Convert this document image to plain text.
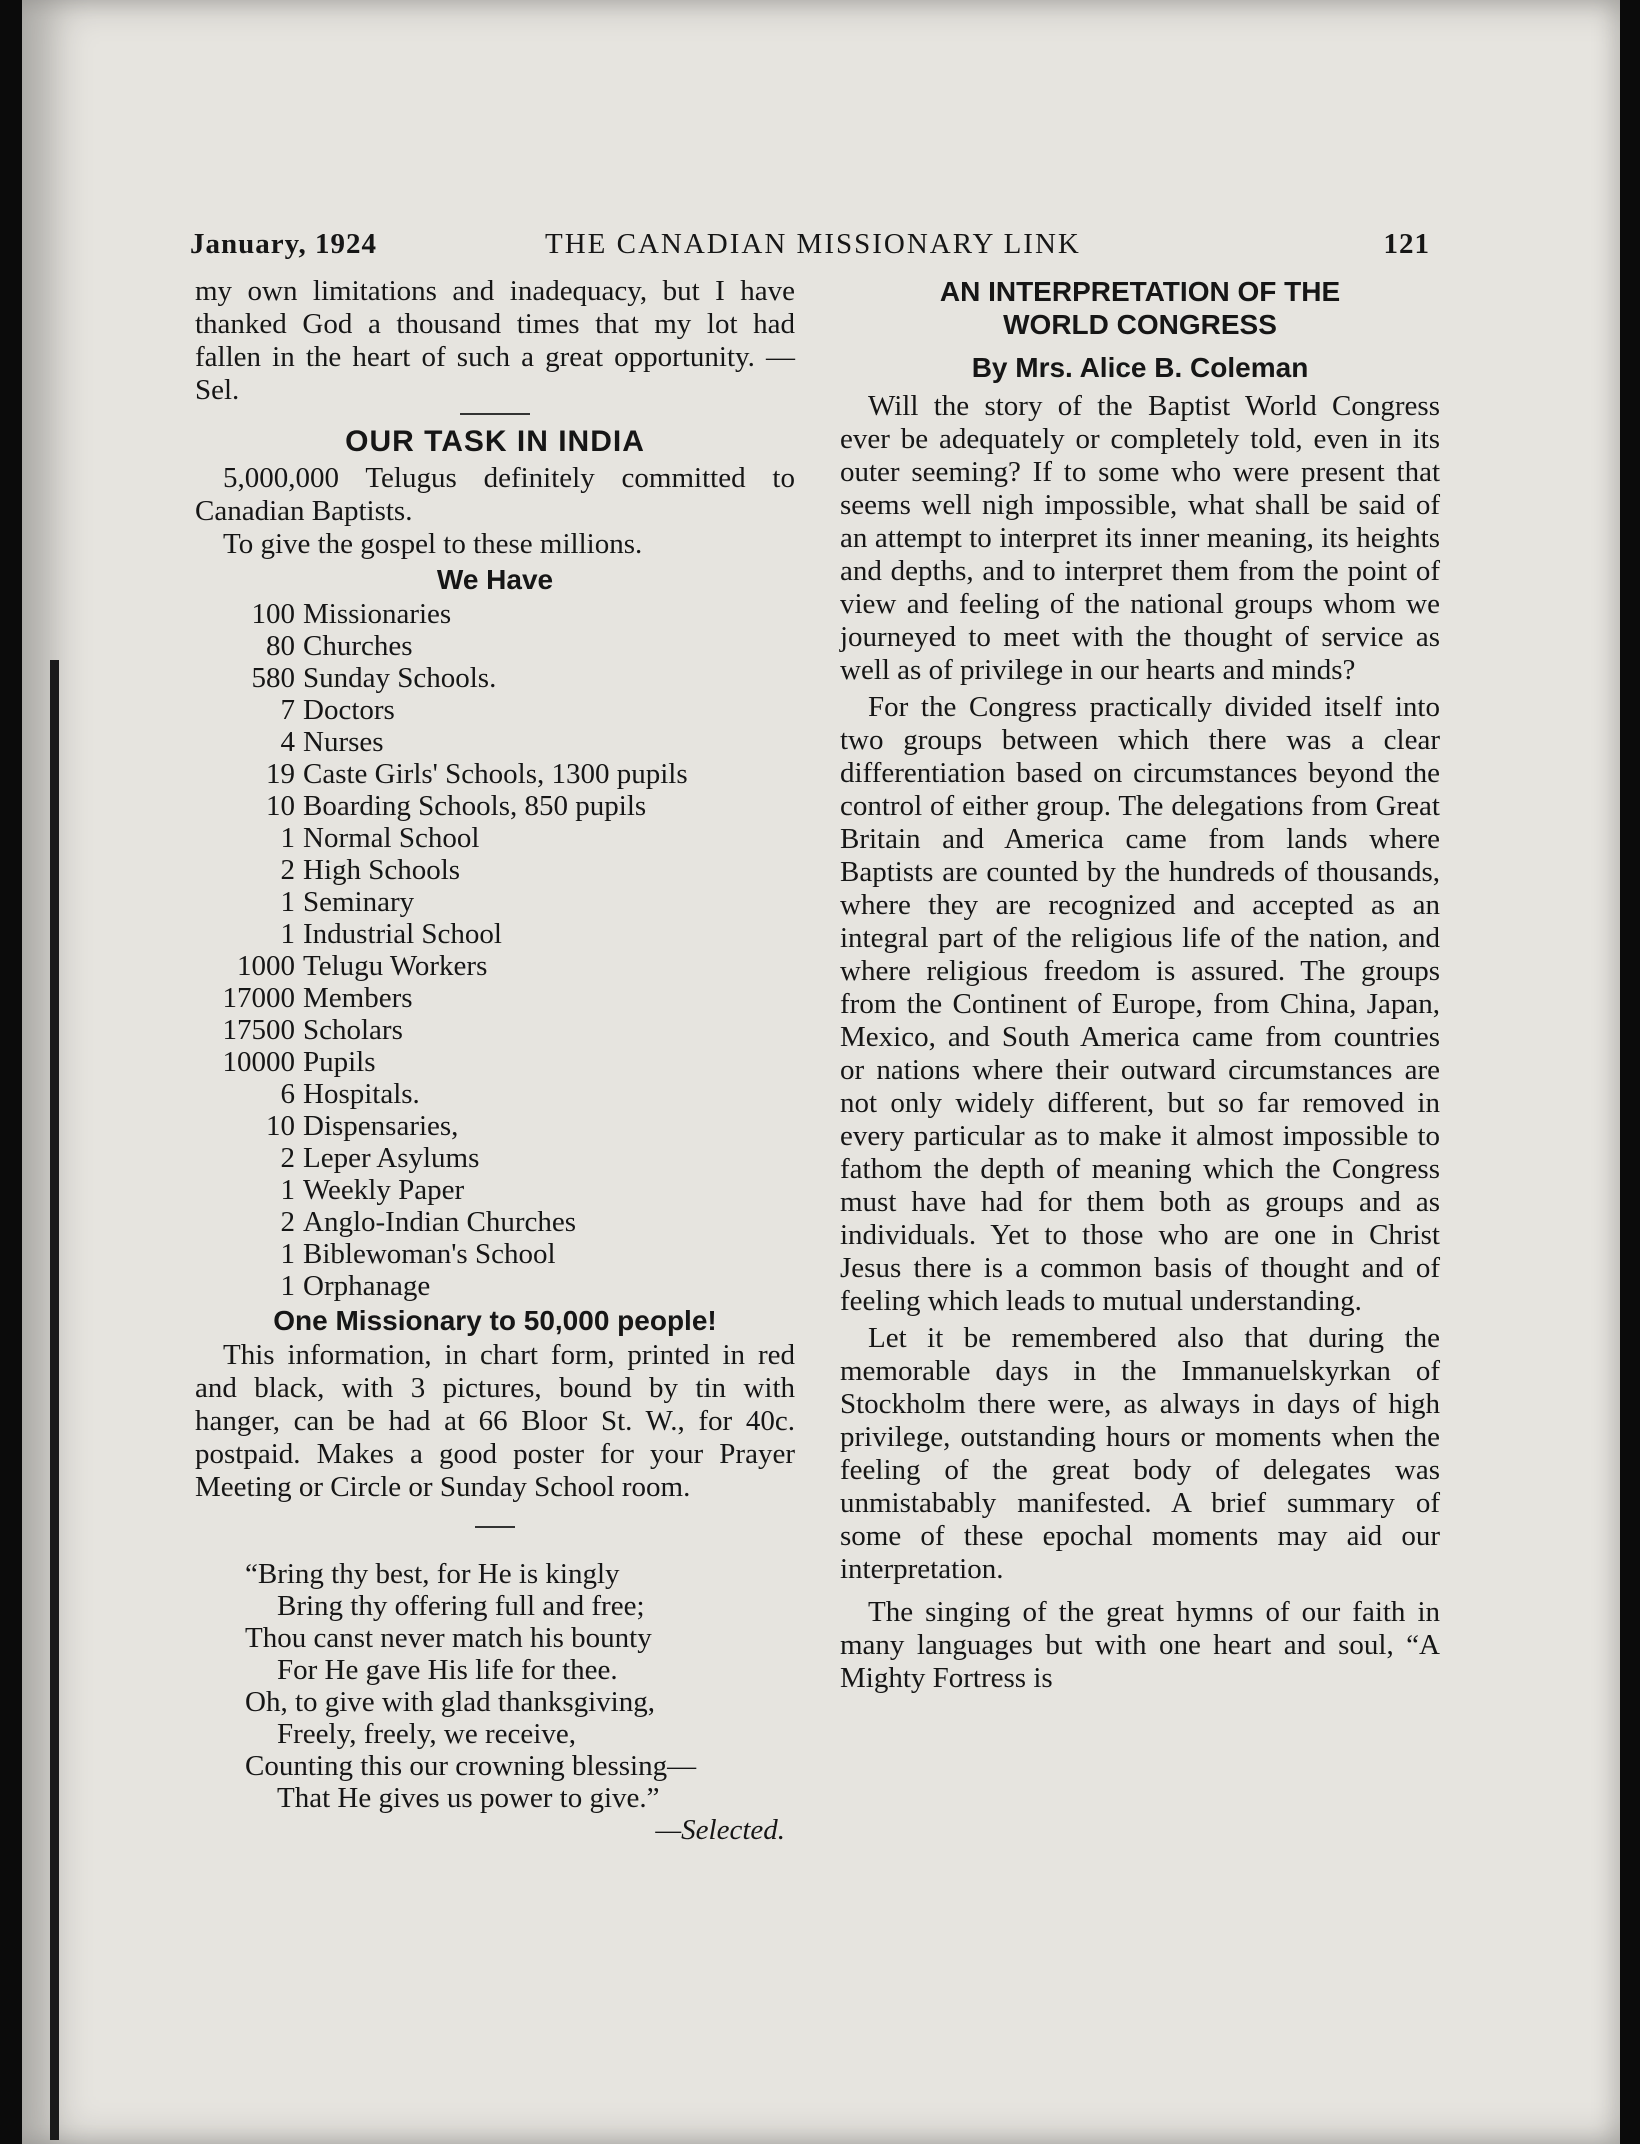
January, 1924	THE CANADIAN MISSIONARY LINK	121

my own limitations and inadequacy, but I have thanked God a thousand times that my lot had fallen in the heart of such a great opportunity. —Sel.

OUR TASK IN INDIA

5,000,000 Telugus definitely committed to Canadian Baptists.

To give the gospel to these millions.

We Have
100 Missionaries
80 Churches
580 Sunday Schools.
7 Doctors
4 Nurses
19 Caste Girls' Schools, 1300 pupils
10 Boarding Schools, 850 pupils
1 Normal School
2 High Schools
1 Seminary
1 Industrial School
1000 Telugu Workers
17000 Members
17500 Scholars
10000 Pupils
6 Hospitals.
10 Dispensaries,
2 Leper Asylums
1 Weekly Paper
2 Anglo-Indian Churches
1 Biblewoman's School
1 Orphanage
One Missionary to 50,000 people!

This information, in chart form, printed in red and black, with 3 pictures, bound by tin with hanger, can be had at 66 Bloor St. W., for 40c. postpaid. Makes a good poster for your Prayer Meeting or Circle or Sunday School room.

“Bring thy best, for He is kingly
Bring thy offering full and free;
Thou canst never match his bounty
For He gave His life for thee.
Oh, to give with glad thanksgiving,
Freely, freely, we receive,
Counting this our crowning blessing—
That He gives us power to give.”
—Selected.
AN INTERPRETATION OF THE
WORLD CONGRESS
By Mrs. Alice B. Coleman

Will the story of the Baptist World Congress ever be adequately or completely told, even in its outer seeming? If to some who were present that seems well nigh impossible, what shall be said of an attempt to interpret its inner meaning, its heights and depths, and to interpret them from the point of view and feeling of the national groups whom we journeyed to meet with the thought of service as well as of privilege in our hearts and minds?

For the Congress practically divided itself into two groups between which there was a clear differentiation based on circumstances beyond the control of either group. The delegations from Great Britain and America came from lands where Baptists are counted by the hundreds of thousands, where they are recognized and accepted as an integral part of the religious life of the nation, and where religious freedom is assured. The groups from the Continent of Europe, from China, Japan, Mexico, and South America came from countries or nations where their outward circumstances are not only widely different, but so far removed in every particular as to make it almost impossible to fathom the depth of meaning which the Congress must have had for them both as groups and as individuals. Yet to those who are one in Christ Jesus there is a common basis of thought and of feeling which leads to mutual understanding.

Let it be remembered also that during the memorable days in the Immanuelskyrkan of Stockholm there were, as always in days of high privilege, outstanding hours or moments when the feeling of the great body of delegates was unmistabably manifested. A brief summary of some of these epochal moments may aid our interpretation.

The singing of the great hymns of our faith in many languages but with one heart and soul, “A Mighty Fortress is
